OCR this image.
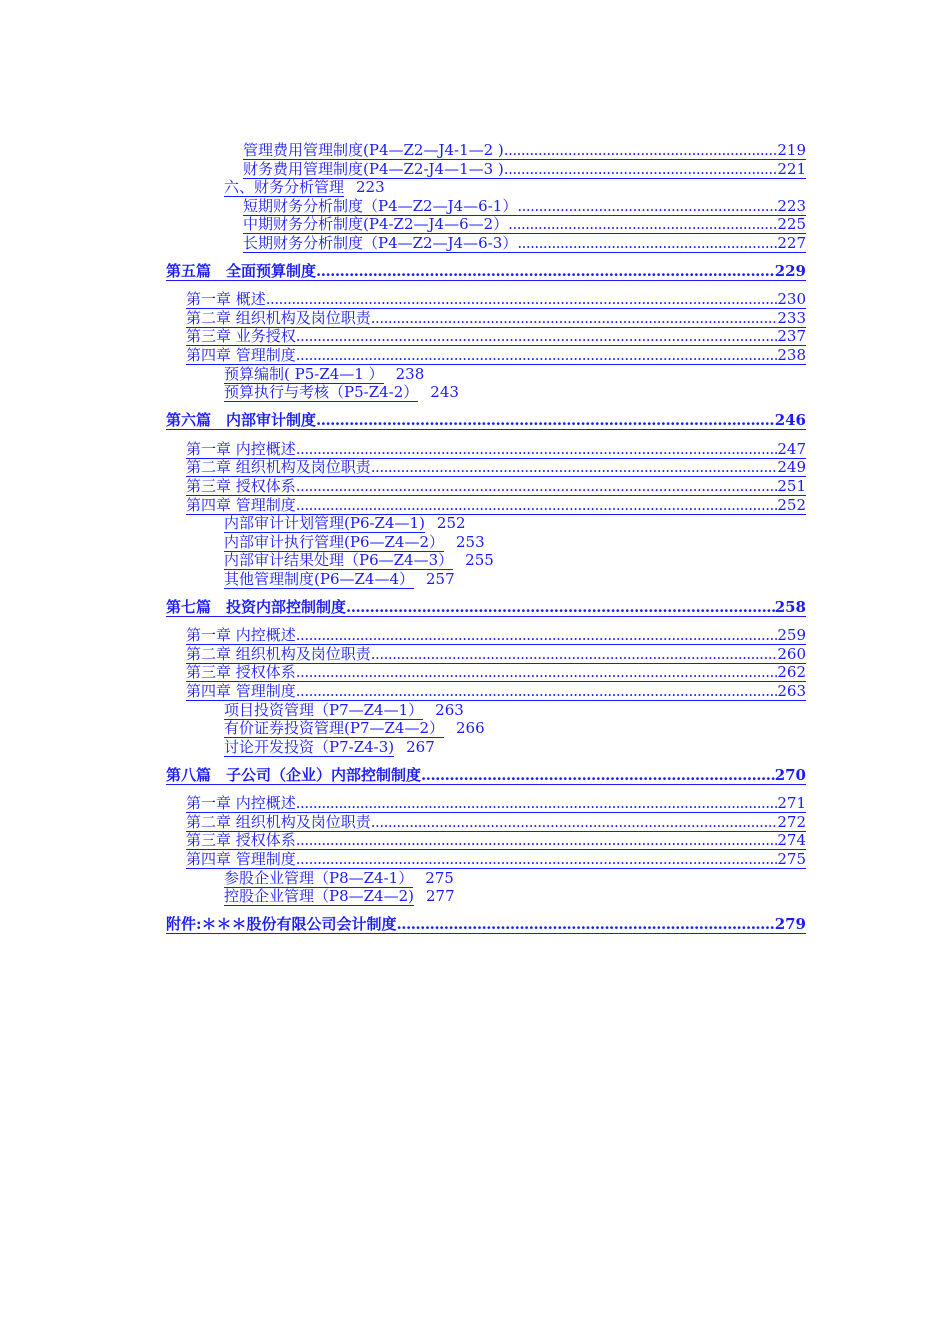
管理费用管理制度(P4—Z2—J4-1—2 ) .....	219
财务费用管理制度(P4—Z2-J4—1—3 ) .....	221
六、财务分析管理 223
短期财务分析制度（P4—Z2—J4—6-1） .....	223
中期财务分析制度(P4-Z2—J4—6—2） .....	225
长期财务分析制度（P4—Z2—J4—6-3） .....	227
第五篇　全面预算制度 .....	229
第一章 概述 .....	230
第二章 组织机构及岗位职责 .....	233
第三章 业务授权 .....	237
第四章 管理制度 .....	238
预算编制( P5-Z4—1 ） 238
预算执行与考核（P5-Z4-2） 243
第六篇　内部审计制度 .....	246
第一章 内控概述 .....	247
第二章 组织机构及岗位职责 .....	249
第三章 授权体系 .....	251
第四章 管理制度 .....	252
内部审计计划管理(P6-Z4—1) 252
内部审计执行管理(P6—Z4—2） 253
内部审计结果处理（P6—Z4—3） 255
其他管理制度(P6—Z4—4） 257
第七篇　投资内部控制制度 .....	258
第一章 内控概述 .....	259
第二章 组织机构及岗位职责 .....	260
第三章 授权体系 .....	262
第四章 管理制度 .....	263
项目投资管理（P7—Z4—1） 263
有价证券投资管理(P7—Z4—2） 266
讨论开发投资（P7-Z4-3) 267
第八篇　子公司（企业）内部控制制度 .....	270
第一章 内控概述 .....	271
第二章 组织机构及岗位职责 .....	272
第三章 授权体系 .....	274
第四章 管理制度 .....	275
参股企业管理（P8—Z4-1） 275
控股企业管理（P8—Z4—2) 277
附件:＊＊＊股份有限公司会计制度 .....	279
